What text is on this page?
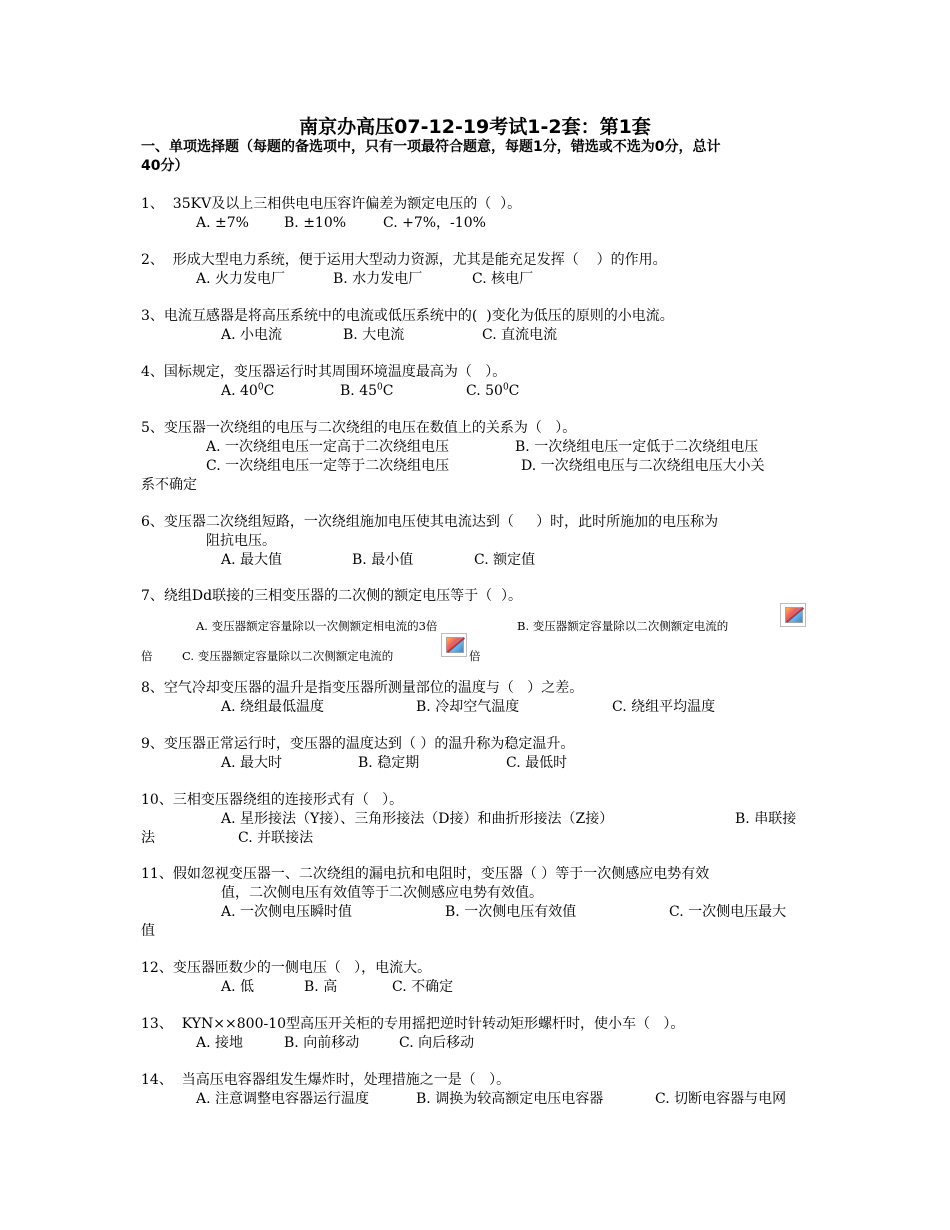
南京办高压07-12-19考试1-2套：第1套
一、单项选择题（每题的备选项中，只有一项最符合题意，每题1分，错选或不选为0分，总计
40分）
1、  35KV及以上三相供电电压容许偏差为额定电压的（  ）。
A. ±7%	B. ±10%	C. +7%，-10%
2、  形成大型电力系统，便于运用大型动力资源，尤其是能充足发挥（    ）的作用。
A. 火力发电厂	B. 水力发电厂	C. 核电厂
3、电流互感器是将高压系统中的电流或低压系统中的(  )变化为低压的原则的小电流。
A. 小电流	B. 大电流	C. 直流电流
4、国标规定，变压器运行时其周围环境温度最高为（   ）。
A. $40^0C$	B. $45^0C$	C. $50^0C$
5、变压器一次绕组的电压与二次绕组的电压在数值上的关系为（   ）。
A. 一次绕组电压一定高于二次绕组电压	B. 一次绕组电压一定低于二次绕组电压
C. 一次绕组电压一定等于二次绕组电压	D. 一次绕组电压与二次绕组电压大小关
系不确定
6、变压器二次绕组短路，一次绕组施加电压使其电流达到（     ）时，此时所施加的电压称为
阻抗电压。
A. 最大值	B. 最小值	C. 额定值
7、绕组Dd联接的三相变压器的二次侧的额定电压等于（  ）。
A. 变压器额定容量除以一次侧额定相电流的3倍	B. 变压器额定容量除以二次侧额定电流的
倍	C. 变压器额定容量除以二次侧额定电流的	倍
8、空气冷却变压器的温升是指变压器所测量部位的温度与（   ）之差。
A. 绕组最低温度	B. 冷却空气温度	C. 绕组平均温度
9、变压器正常运行时，变压器的温度达到（ ）的温升称为稳定温升。
A. 最大时	B. 稳定期	C. 最低时
10、三相变压器绕组的连接形式有（   ）。
A. 星形接法（Y接）、三角形接法（D接）和曲折形接法（Z接）	B. 串联接
法	C. 并联接法
11、假如忽视变压器一、二次绕组的漏电抗和电阻时，变压器（ ）等于一次侧感应电势有效
值，二次侧电压有效值等于二次侧感应电势有效值。
A. 一次侧电压瞬时值	B. 一次侧电压有效值	C. 一次侧电压最大
值
12、变压器匝数少的一侧电压（   ），电流大。
A. 低	B. 高	C. 不确定
13、  KYN××800-10型高压开关柜的专用摇把逆时针转动矩形螺杆时，使小车（   ）。
A. 接地	B. 向前移动	C. 向后移动
14、  当高压电容器组发生爆炸时，处理措施之一是（   ）。
A. 注意调整电容器运行温度	B. 调换为较高额定电压电容器	C. 切断电容器与电网
